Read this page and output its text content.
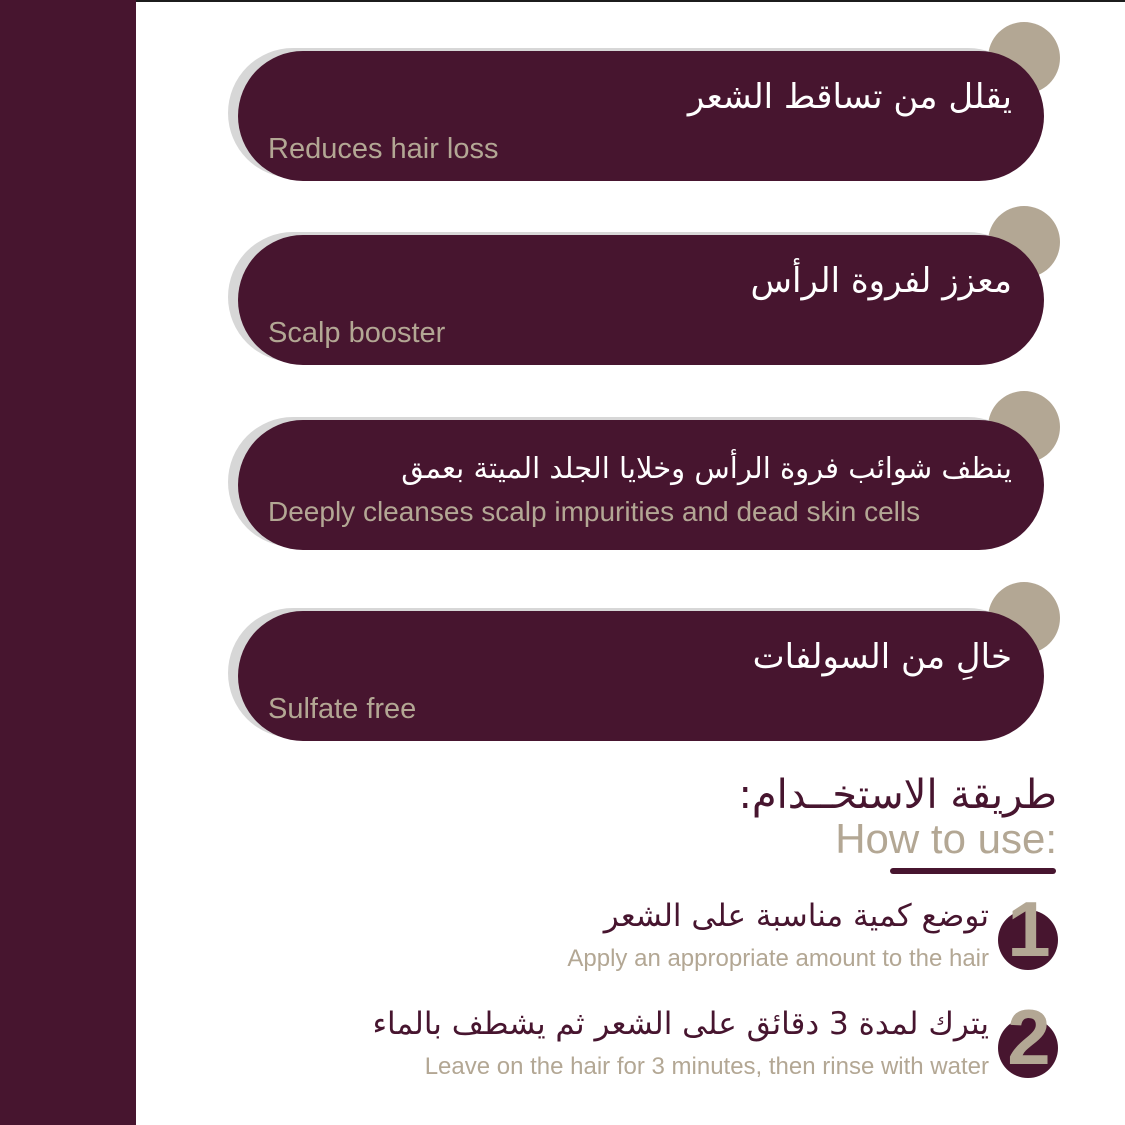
يقلل من تساقط الشعر
Reduces hair loss
معزز لفروة الرأس
Scalp booster
ينظف شوائب فروة الرأس وخلايا الجلد الميتة بعمق
Deeply cleanses scalp impurities and dead skin cells
خالِ من السولفات
Sulfate free
طريقة الاستخــدام:
How to use:
1
توضع كمية مناسبة على الشعر
Apply an appropriate amount to the hair
2
يترك لمدة 3 دقائق على الشعر ثم يشطف بالماء
Leave on the hair for 3 minutes, then rinse with water
